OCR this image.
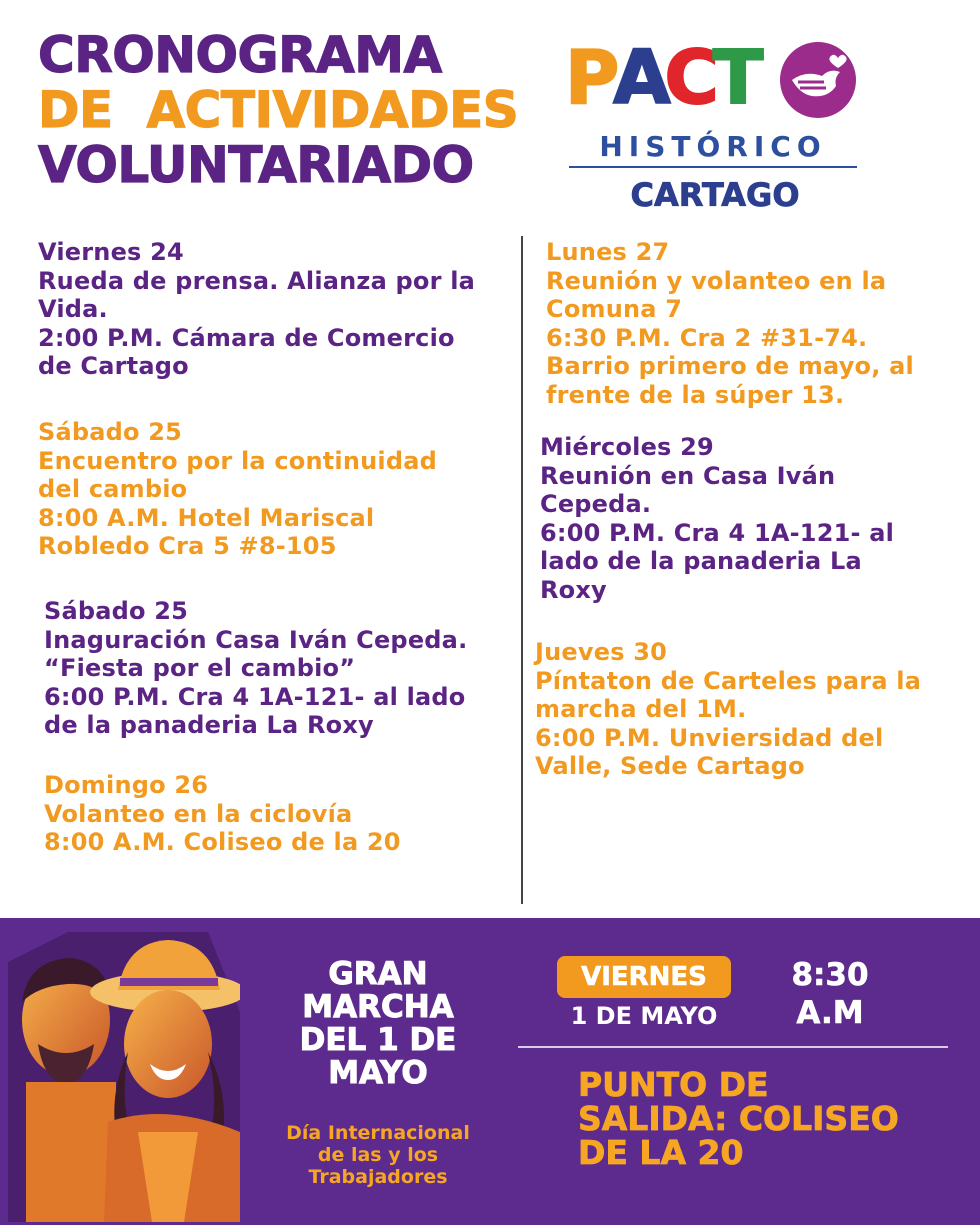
CRONOGRAMA
DE  ACTIVIDADES
VOLUNTARIADO
PACT
HISTÓRICO
CARTAGO
Viernes 24
Rueda de prensa. Alianza por la
Vida.
2:00 P.M. Cámara de Comercio
de Cartago
Sábado 25
Encuentro por la continuidad
del cambio
8:00 A.M. Hotel Mariscal
Robledo Cra 5 #8-105
Sábado 25
Inaguración Casa Iván Cepeda.
“Fiesta por el cambio”
6:00 P.M. Cra 4 1A-121- al lado
de la panaderia La Roxy
Domingo 26
Volanteo en la ciclovía
8:00 A.M. Coliseo de la 20
Lunes 27
Reunión y volanteo en la
Comuna 7
6:30 P.M. Cra 2 #31-74.
Barrio primero de mayo, al
frente de la súper 13.
Miércoles 29
Reunión en Casa Iván
Cepeda.
6:00 P.M. Cra 4 1A-121- al
lado de la panaderia La
Roxy
Jueves 30
Píntaton de Carteles para la
marcha del 1M.
6:00 P.M. Unviersidad del
Valle, Sede Cartago
GRAN
MARCHA
DEL 1 DE
MAYO
Día Internacional
de las y los
Trabajadores
VIERNES
1 DE MAYO
8:30
A.M
PUNTO DE
SALIDA: COLISEO
DE LA 20
